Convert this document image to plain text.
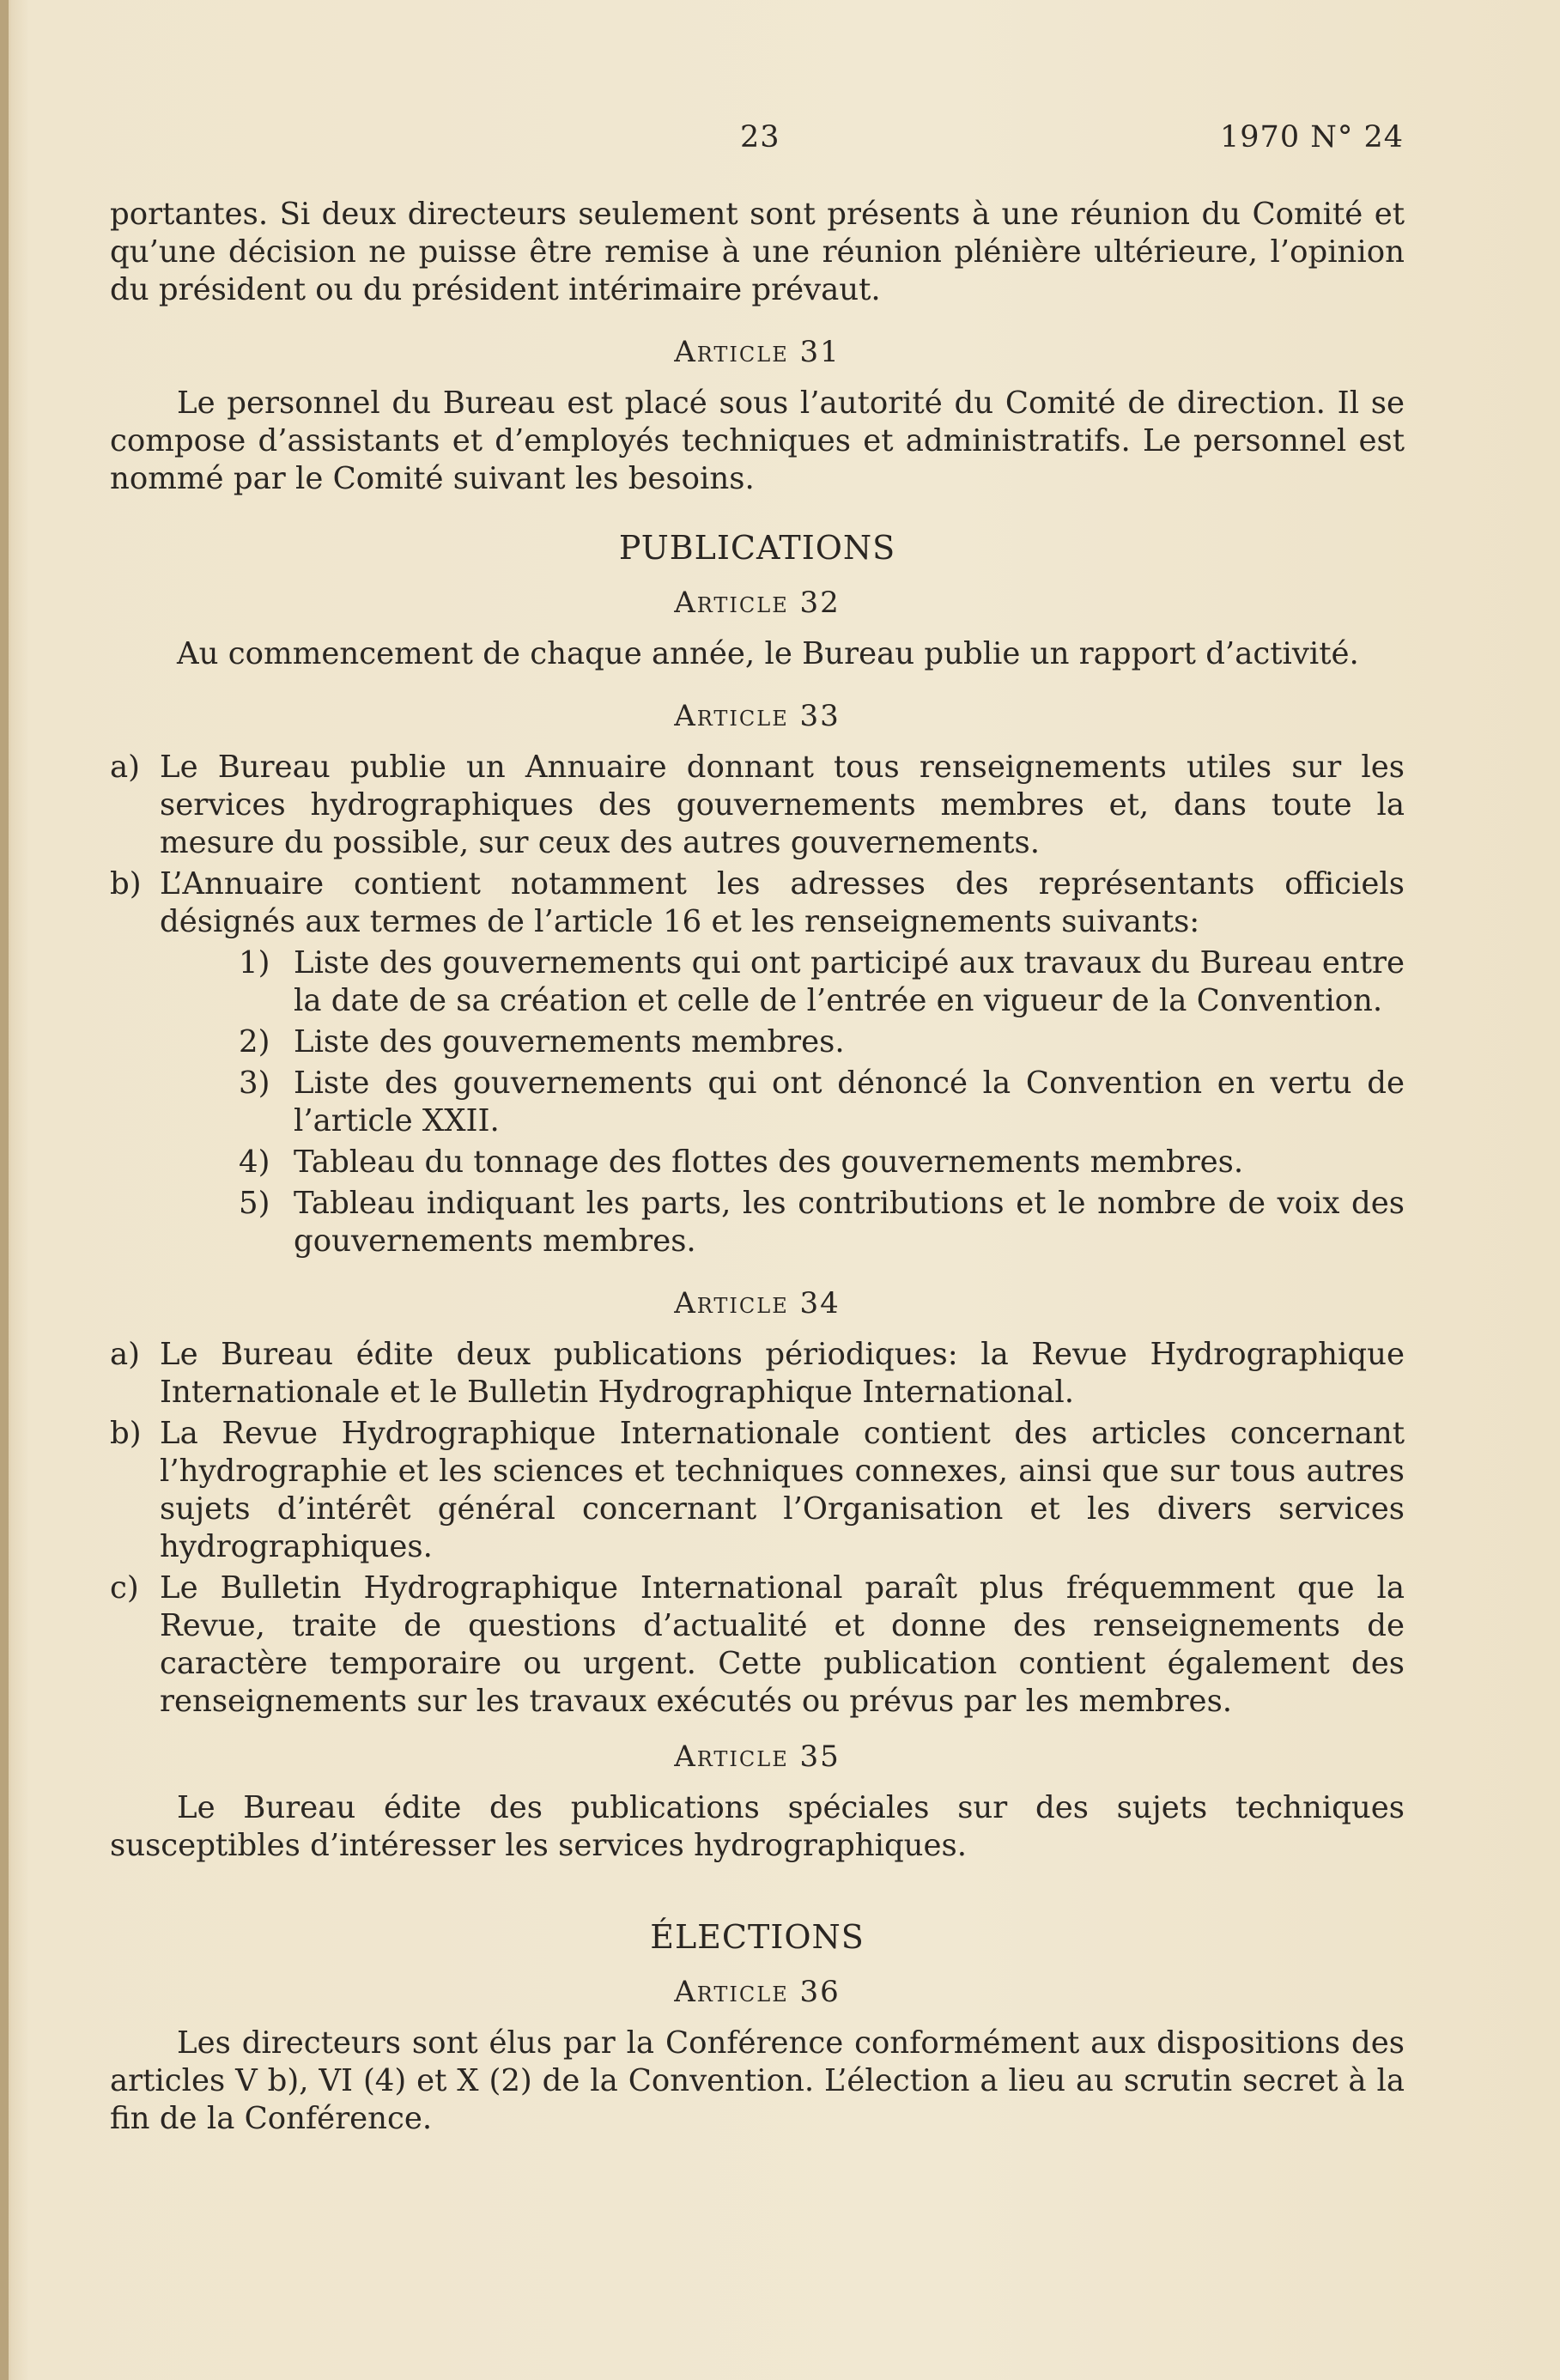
23	1970 N° 24

portantes. Si deux directeurs seulement sont présents à une réunion du Comité et qu’une décision ne puisse être remise à une réunion plénière ultérieure, l’opinion du président ou du président intérimaire prévaut.

Article 31

Le personnel du Bureau est placé sous l’autorité du Comité de direction. Il se compose d’assistants et d’employés techniques et administratifs. Le personnel est nommé par le Comité suivant les besoins.

PUBLICATIONS
Article 32

Au commencement de chaque année, le Bureau publie un rapport d’activité.

Article 33
a) Le Bureau publie un Annuaire donnant tous renseignements utiles sur les services hydrographiques des gouvernements membres et, dans toute la mesure du possible, sur ceux des autres gouvernements.
b) L’Annuaire contient notamment les adresses des représentants officiels désignés aux termes de l’article 16 et les renseignements suivants:
1) Liste des gouvernements qui ont participé aux travaux du Bureau entre la date de sa création et celle de l’entrée en vigueur de la Convention.
2) Liste des gouvernements membres.
3) Liste des gouvernements qui ont dénoncé la Convention en vertu de l’article XXII.
4) Tableau du tonnage des flottes des gouvernements membres.
5) Tableau indiquant les parts, les contributions et le nombre de voix des gouvernements membres.
Article 34
a) Le Bureau édite deux publications périodiques: la Revue Hydrographique Internationale et le Bulletin Hydrographique International.
b) La Revue Hydrographique Internationale contient des articles concernant l’hydrographie et les sciences et techniques connexes, ainsi que sur tous autres sujets d’intérêt général concernant l’Organisation et les divers services hydrographiques.
c) Le Bulletin Hydrographique International paraît plus fréquemment que la Revue, traite de questions d’actualité et donne des renseignements de caractère temporaire ou urgent. Cette publication contient également des renseignements sur les travaux exécutés ou prévus par les membres.
Article 35

Le Bureau édite des publications spéciales sur des sujets techniques susceptibles d’intéresser les services hydrographiques.

ÉLECTIONS
Article 36

Les directeurs sont élus par la Conférence conformément aux dispositions des articles V b), VI (4) et X (2) de la Convention. L’élection a lieu au scrutin secret à la fin de la Conférence.
